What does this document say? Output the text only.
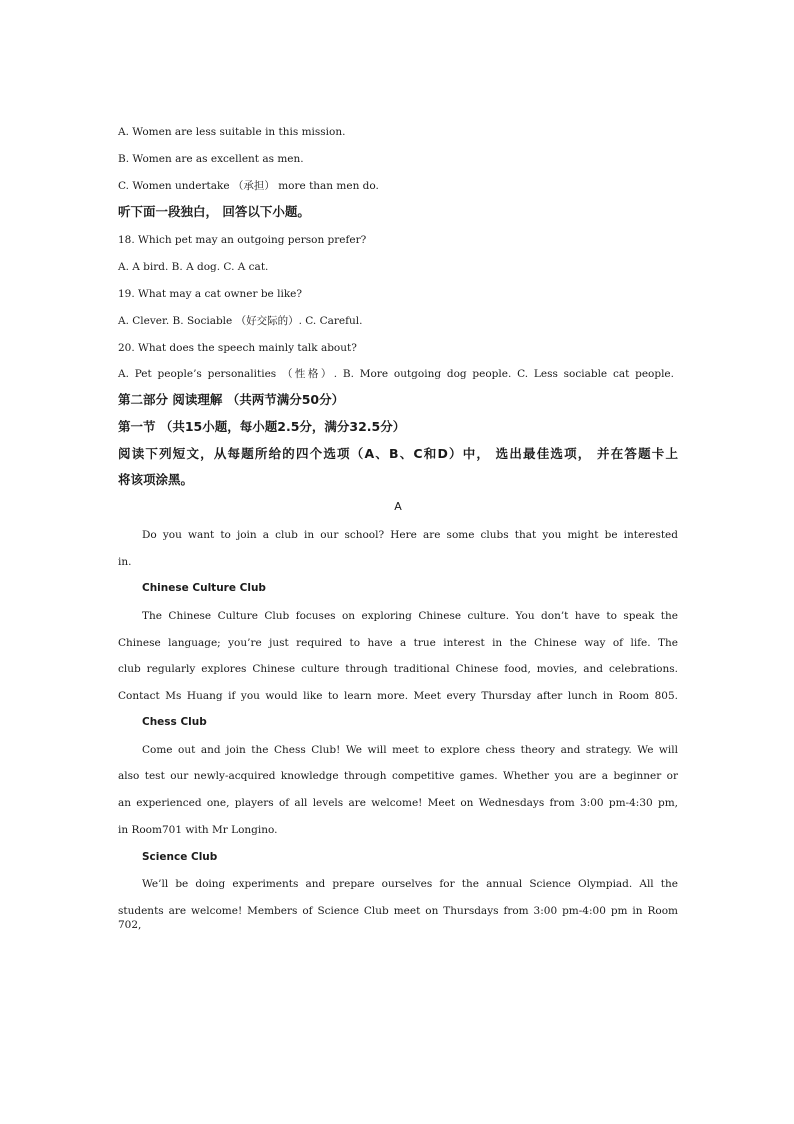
A. Women are less suitable in this mission.
B. Women are as excellent as men.
C. Women undertake （承担） more than men do.
听下面一段独白， 回答以下小题。
18. Which pet may an outgoing person prefer?
A. A bird. B. A dog. C. A cat.
19. What may a cat owner be like?
A. Clever. B. Sociable （好交际的）. C. Careful.
20. What does the speech mainly talk about?
A. Pet people’s personalities （性格）. B. More outgoing dog people. C. Less sociable cat people.
第二部分 阅读理解 （共两节满分50分）
第一节 （共15小题，每小题2.5分，满分32.5分）
阅读下列短文，从每题所给的四个选项（A、B、C和D）中， 选出最佳选项， 并在答题卡上
将该项涂黑。
A
Do you want to join a club in our school? Here are some clubs that you might be interested
in.
Chinese Culture Club
The Chinese Culture Club focuses on exploring Chinese culture. You don’t have to speak the
Chinese language; you’re just required to have a true interest in the Chinese way of life. The
club regularly explores Chinese culture through traditional Chinese food, movies, and celebrations.
Contact Ms Huang if you would like to learn more. Meet every Thursday after lunch in Room 805.
Chess Club
Come out and join the Chess Club! We will meet to explore chess theory and strategy. We will
also test our newly-acquired knowledge through competitive games. Whether you are a beginner or
an experienced one, players of all levels are welcome! Meet on Wednesdays from 3:00 pm-4:30 pm,
in Room701 with Mr Longino.
Science Club
We’ll be doing experiments and prepare ourselves for the annual Science Olympiad. All the
students are welcome! Members of Science Club meet on Thursdays from 3:00 pm-4:00 pm in Room 702,
